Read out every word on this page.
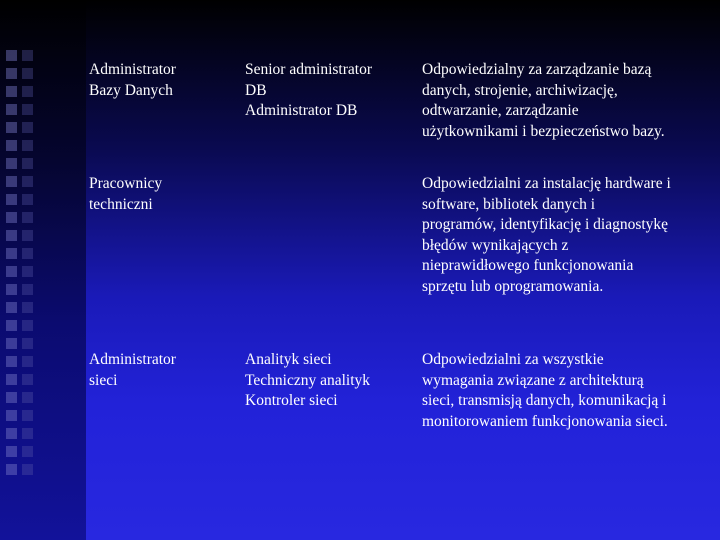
Administrator
Bazy Danych
Senior administrator
DB
Administrator DB
Odpowiedzialny za zarządzanie bazą
danych, strojenie, archiwizację,
odtwarzanie, zarządzanie
użytkownikami i bezpieczeństwo bazy.
Pracownicy
techniczni
Odpowiedzialni za instalację hardware i
software, bibliotek danych i
programów, identyfikację i diagnostykę
błędów wynikających z
nieprawidłowego funkcjonowania
sprzętu lub oprogramowania.
Administrator
sieci
Analityk sieci
Techniczny analityk
Kontroler sieci
Odpowiedzialni za wszystkie
wymagania związane z architekturą
sieci, transmisją danych, komunikacją i
monitorowaniem funkcjonowania sieci.
